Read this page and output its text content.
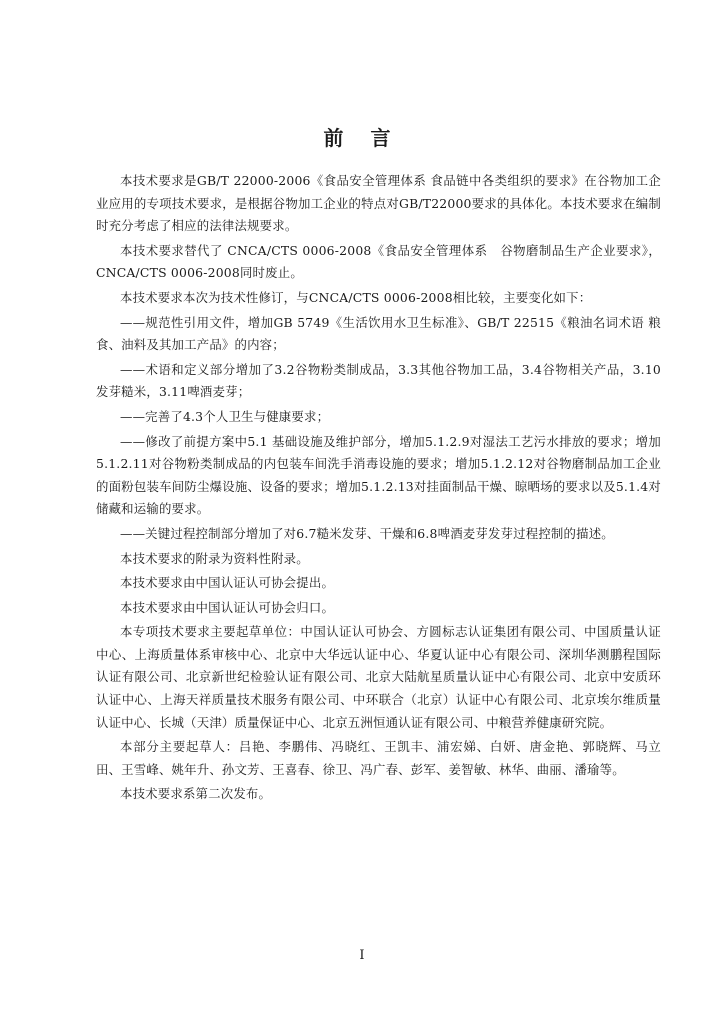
前 言

本技术要求是GB/T 22000-2006《食品安全管理体系 食品链中各类组织的要求》在谷物加工企业应用的专项技术要求，是根据谷物加工企业的特点对GB/T22000要求的具体化。本技术要求在编制时充分考虑了相应的法律法规要求。

本技术要求替代了 CNCA/CTS 0006-2008《食品安全管理体系　谷物磨制品生产企业要求》，CNCA/CTS 0006-2008同时废止。

本技术要求本次为技术性修订，与CNCA/CTS 0006-2008相比较，主要变化如下：

——规范性引用文件，增加GB 5749《生活饮用水卫生标准》、GB/T 22515《粮油名词术语 粮食、油料及其加工产品》的内容；

——术语和定义部分增加了3.2谷物粉类制成品，3.3其他谷物加工品，3.4谷物相关产品，3.10发芽糙米，3.11啤酒麦芽；

——完善了4.3个人卫生与健康要求；

——修改了前提方案中5.1 基础设施及维护部分，增加5.1.2.9对湿法工艺污水排放的要求；增加5.1.2.11对谷物粉类制成品的内包装车间洗手消毒设施的要求；增加5.1.2.12对谷物磨制品加工企业的面粉包装车间防尘爆设施、设备的要求；增加5.1.2.13对挂面制品干燥、晾晒场的要求以及5.1.4对储藏和运输的要求。

——关键过程控制部分增加了对6.7糙米发芽、干燥和6.8啤酒麦芽发芽过程控制的描述。

本技术要求的附录为资料性附录。

本技术要求由中国认证认可协会提出。

本技术要求由中国认证认可协会归口。

本专项技术要求主要起草单位：中国认证认可协会、方圆标志认证集团有限公司、中国质量认证中心、上海质量体系审核中心、北京中大华远认证中心、华夏认证中心有限公司、深圳华测鹏程国际认证有限公司、北京新世纪检验认证有限公司、北京大陆航星质量认证中心有限公司、北京中安质环认证中心、上海天祥质量技术服务有限公司、中环联合（北京）认证中心有限公司、北京埃尔维质量认证中心、长城（天津）质量保证中心、北京五洲恒通认证有限公司、中粮营养健康研究院。

本部分主要起草人：吕艳、李鹏伟、冯晓红、王凯丰、浦宏娣、白妍、唐金艳、郭晓辉、马立田、王雪峰、姚年升、孙文芳、王喜春、徐卫、冯广春、彭军、姜智敏、林华、曲丽、潘瑜等。

本技术要求系第二次发布。

I
